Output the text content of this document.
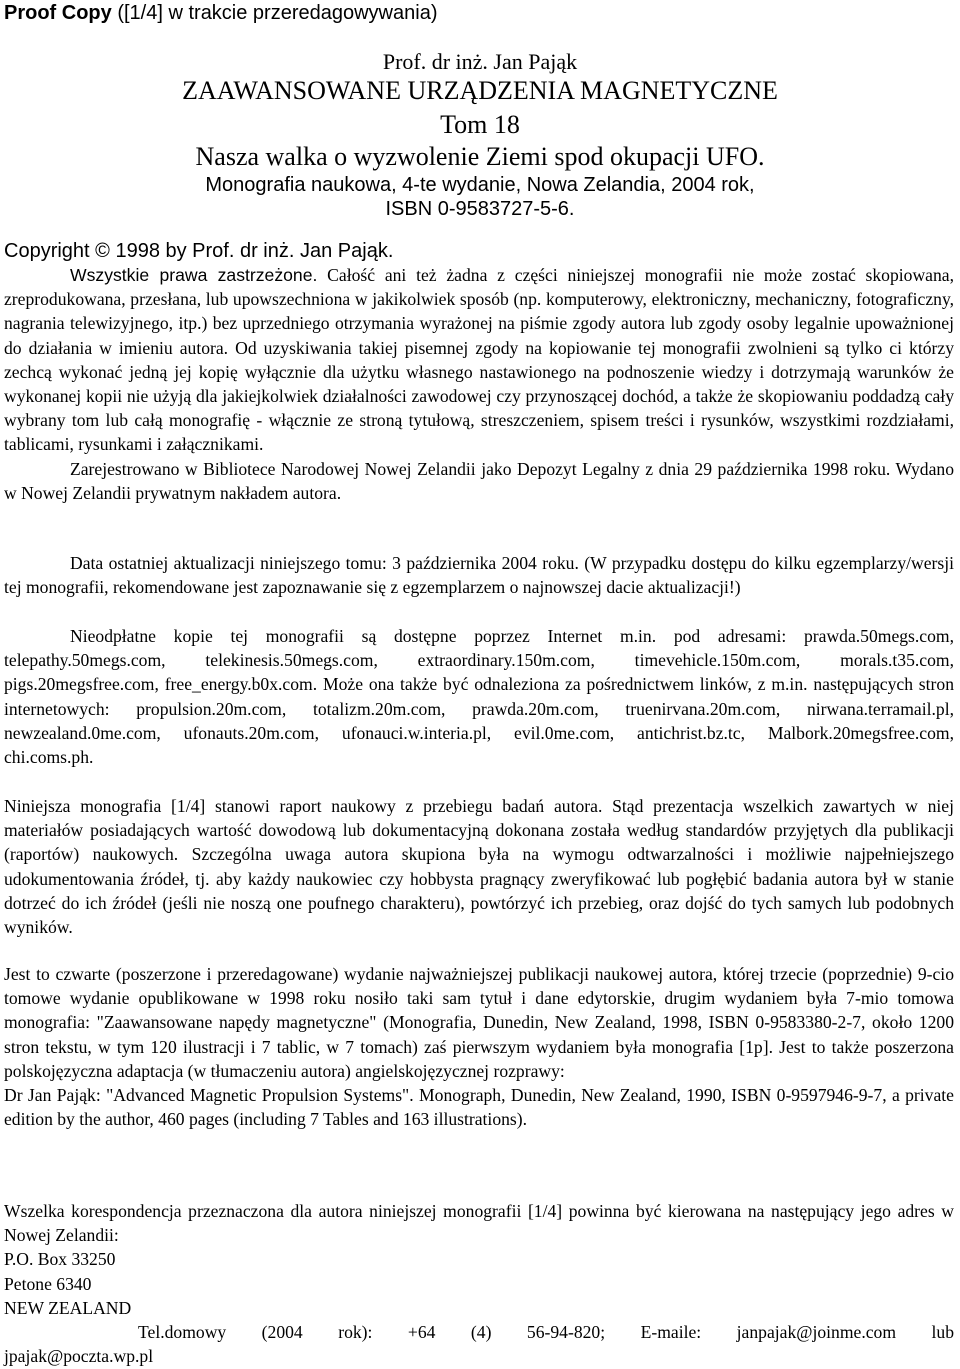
Proof Copy ([1/4] w trakcie przeredagowywania)
Prof. dr inż. Jan Pająk
ZAAWANSOWANE URZĄDZENIA MAGNETYCZNE
Tom 18
Nasza walka o wyzwolenie Ziemi spod okupacji UFO.
Monografia naukowa, 4-te wydanie, Nowa Zelandia, 2004 rok,
ISBN 0-9583727-5-6.
Copyright © 1998 by Prof. dr inż. Jan Pająk.

Wszystkie prawa zastrzeżone. Całość ani też żadna z części niniejszej monografii nie może zostać skopiowana, zreprodukowana, przesłana, lub upowszechniona w jakikolwiek sposób (np. komputerowy, elektroniczny, mechaniczny, fotograficzny, nagrania telewizyjnego, itp.) bez uprzedniego otrzymania wyrażonej na piśmie zgody autora lub zgody osoby legalnie upoważnionej do działania w imieniu autora. Od uzyskiwania takiej pisemnej zgody na kopiowanie tej monografii zwolnieni są tylko ci którzy zechcą wykonać jedną jej kopię wyłącznie dla użytku własnego nastawionego na podnoszenie wiedzy i dotrzymają warunków że wykonanej kopii nie użyją dla jakiejkolwiek działalności zawodowej czy przynoszącej dochód, a także że skopiowaniu poddadzą cały wybrany tom lub całą monografię - włącznie ze stroną tytułową, streszczeniem, spisem treści i rysunków, wszystkimi rozdziałami, tablicami, rysunkami i załącznikami.

Zarejestrowano w Bibliotece Narodowej Nowej Zelandii jako Depozyt Legalny z dnia 29 października 1998 roku. Wydano w Nowej Zelandii prywatnym nakładem autora.

Data ostatniej aktualizacji niniejszego tomu: 3 października 2004 roku. (W przypadku dostępu do kilku egzemplarzy/wersji tej monografii, rekomendowane jest zapoznawanie się z egzemplarzem o najnowszej dacie aktualizacji!)

Nieodpłatne kopie tej monografii są dostępne poprzez Internet m.in. pod adresami: prawda.50megs.com, telepathy.50megs.com, telekinesis.50megs.com, extraordinary.150m.com, timevehicle.150m.com, morals.t35.com, pigs.20megsfree.com, free_energy.b0x.com. Może ona także być odnaleziona za pośrednictwem linków, z m.in. następujących stron internetowych: propulsion.20m.com, totalizm.20m.com, prawda.20m.com, truenirvana.20m.com, nirwana.terramail.pl, newzealand.0me.com, ufonauts.20m.com, ufonauci.w.interia.pl, evil.0me.com, antichrist.bz.tc, Malbork.20megsfree.com, chi.coms.ph.

Niniejsza monografia [1/4] stanowi raport naukowy z przebiegu badań autora. Stąd prezentacja wszelkich zawartych w niej materiałów posiadających wartość dowodową lub dokumentacyjną dokonana została według standardów przyjętych dla publikacji (raportów) naukowych. Szczególna uwaga autora skupiona była na wymogu odtwarzalności i możliwie najpełniejszego udokumentowania źródeł, tj. aby każdy naukowiec czy hobbysta pragnący zweryfikować lub pogłębić badania autora był w stanie dotrzeć do ich źródeł (jeśli nie noszą one poufnego charakteru), powtórzyć ich przebieg, oraz dojść do tych samych lub podobnych wyników.

Jest to czwarte (poszerzone i przeredagowane) wydanie najważniejszej publikacji naukowej autora, której trzecie (poprzednie) 9-cio tomowe wydanie opublikowane w 1998 roku nosiło taki sam tytuł i dane edytorskie, drugim wydaniem była 7-mio tomowa monografia: "Zaawansowane napędy magnetyczne" (Monografia, Dunedin, New Zealand, 1998, ISBN 0-9583380-2-7, około 1200 stron tekstu, w tym 120 ilustracji i 7 tablic, w 7 tomach) zaś pierwszym wydaniem była monografia [1p]. Jest to także poszerzona polskojęzyczna adaptacja (w tłumaczeniu autora) angielskojęzycznej rozprawy:

Dr Jan Pająk: "Advanced Magnetic Propulsion Systems". Monograph, Dunedin, New Zealand, 1990, ISBN 0-9597946-9-7, a private edition by the author, 460 pages (including 7 Tables and 163 illustrations).

Wszelka korespondencja przeznaczona dla autora niniejszej monografii [1/4] powinna być kierowana na następujący jego adres w Nowej Zelandii:

P.O. Box 33250

Petone 6340

NEW ZEALAND

Tel.domowy (2004 rok): +64 (4) 56-94-820; E-maile: janpajak@joinme.com lub

jpajak@poczta.wp.pl
